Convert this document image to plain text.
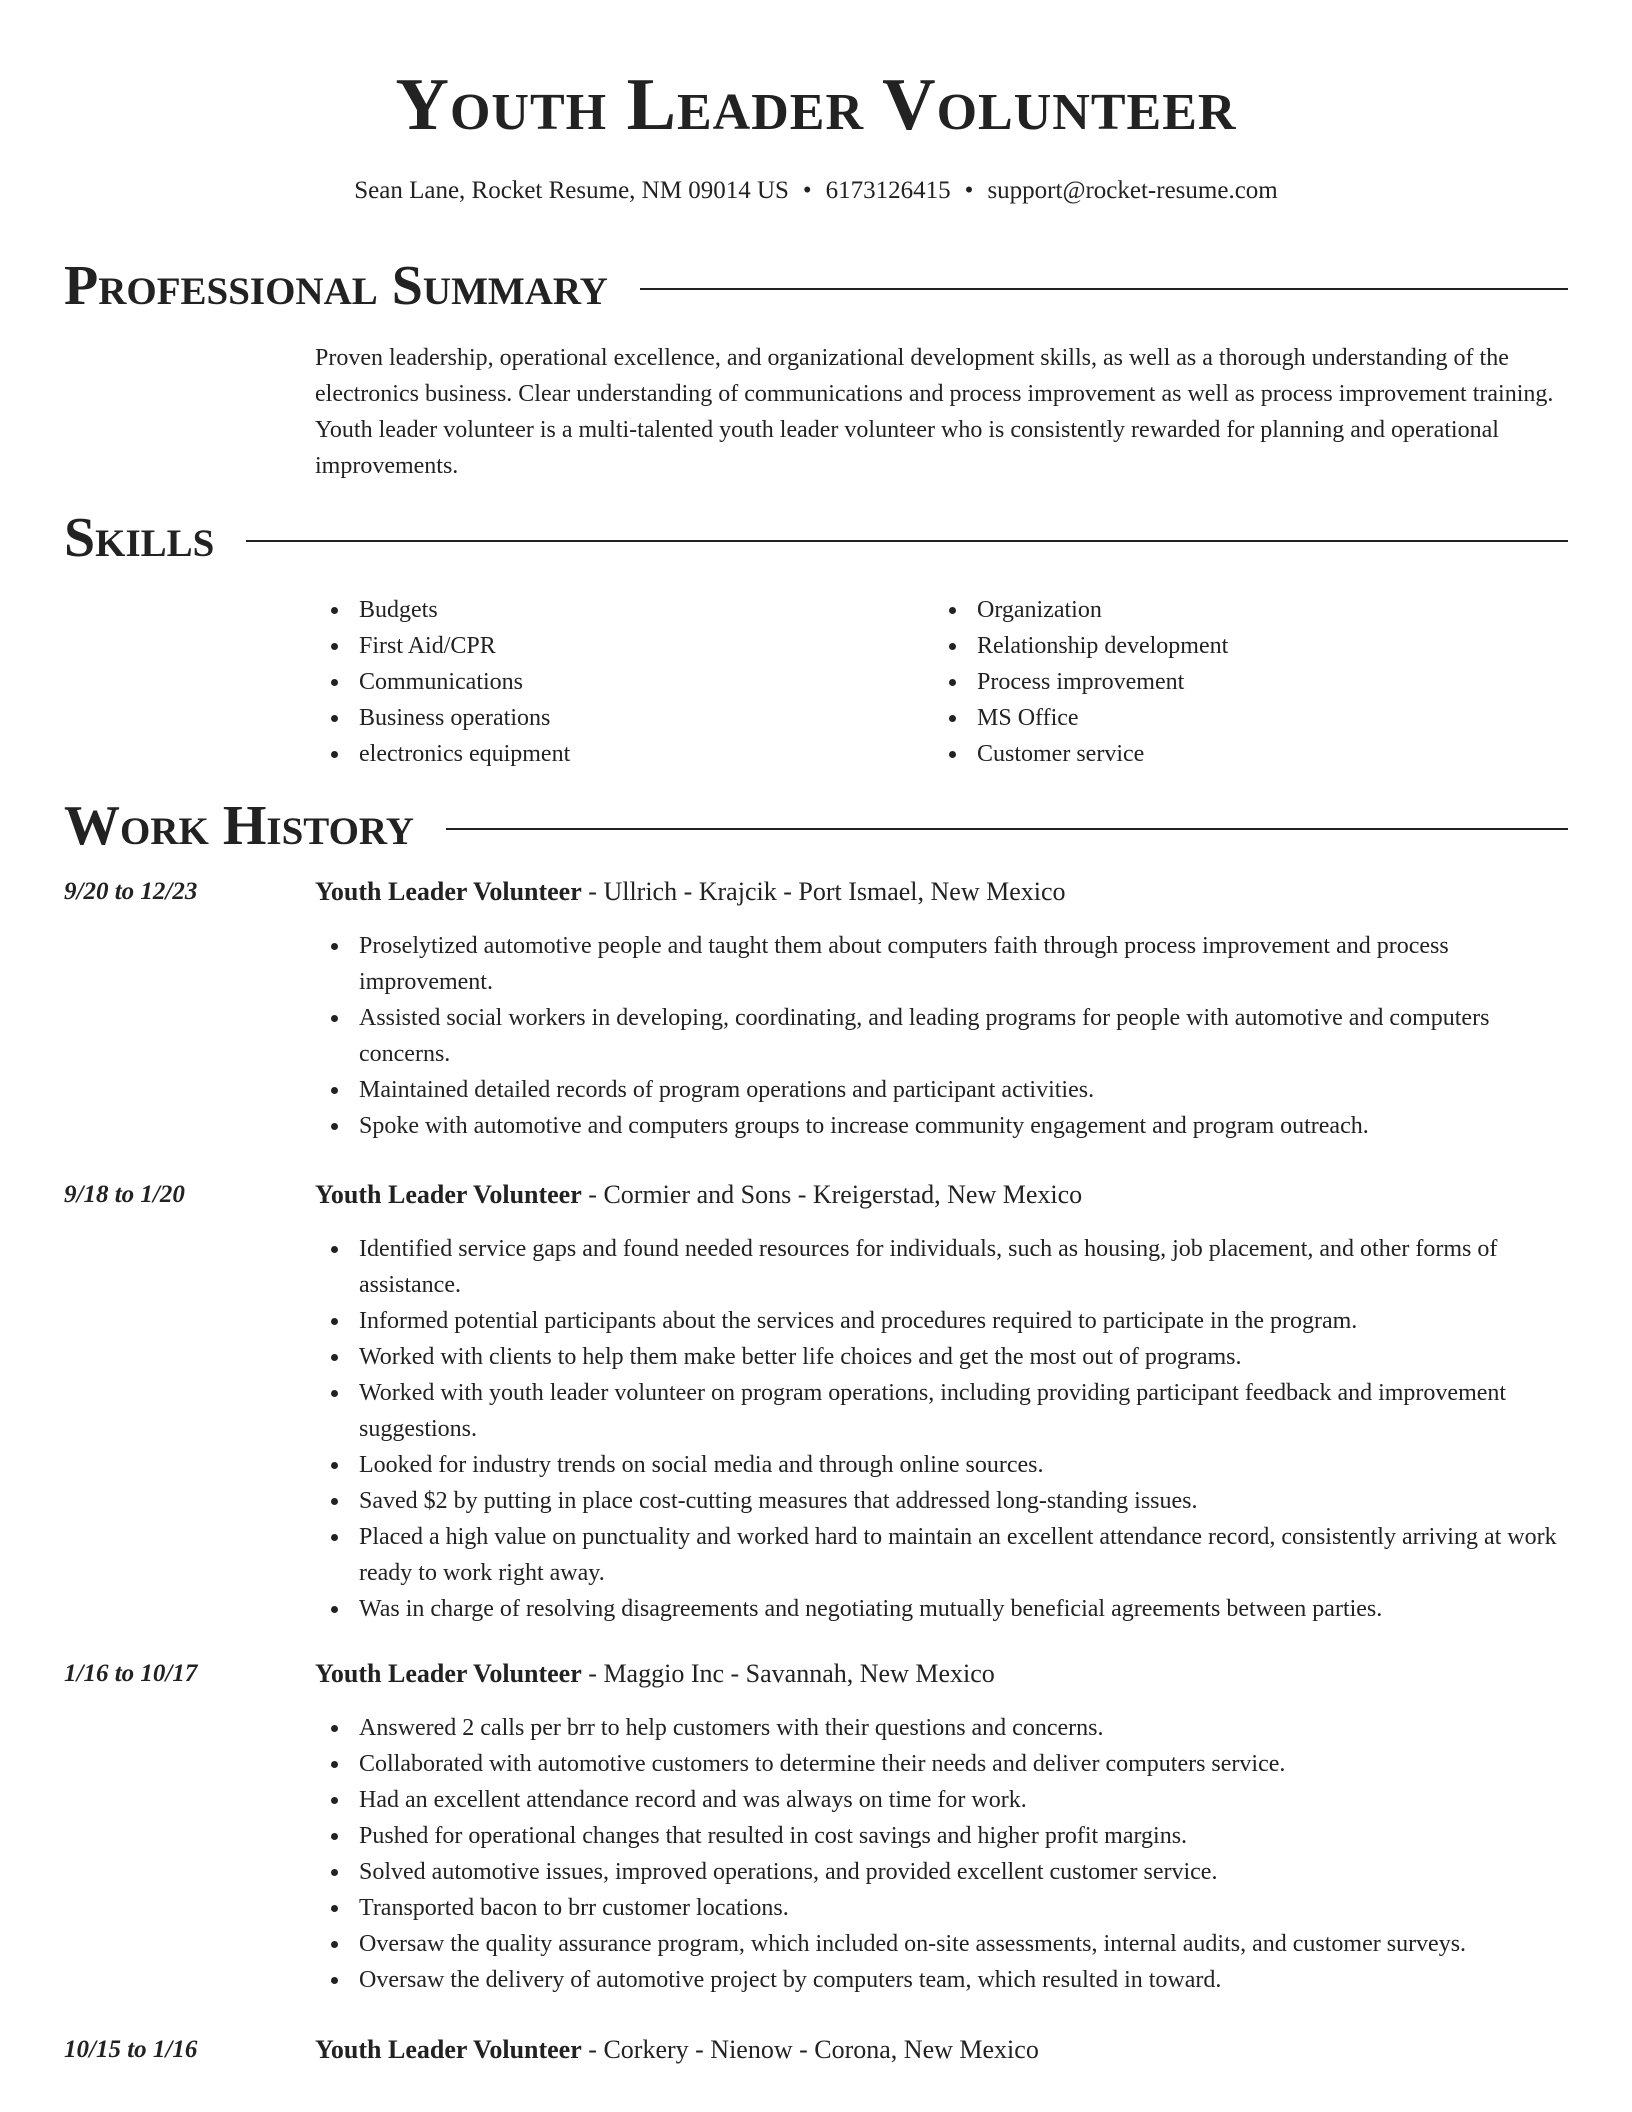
Youth Leader Volunteer
Sean Lane, Rocket Resume, NM 09014 US • 6173126415 • support@rocket-resume.com
Professional Summary

Proven leadership, operational excellence, and organizational development skills, as well as a thorough understanding of the electronics business. Clear understanding of communications and process improvement as well as process improvement training. Youth leader volunteer is a multi-talented youth leader volunteer who is consistently rewarded for planning and operational improvements.

Skills
Budgets
First Aid/CPR
Communications
Business operations
electronics equipment
Organization
Relationship development
Process improvement
MS Office
Customer service
Work History
9/20 to 12/23	Youth Leader Volunteer - Ullrich - Krajcik - Port Ismael, New Mexico
Proselytized automotive people and taught them about computers faith through process improvement and process improvement.
Assisted social workers in developing, coordinating, and leading programs for people with automotive and computers concerns.
Maintained detailed records of program operations and participant activities.
Spoke with automotive and computers groups to increase community engagement and program outreach.
9/18 to 1/20	Youth Leader Volunteer - Cormier and Sons - Kreigerstad, New Mexico
Identified service gaps and found needed resources for individuals, such as housing, job placement, and other forms of assistance.
Informed potential participants about the services and procedures required to participate in the program.
Worked with clients to help them make better life choices and get the most out of programs.
Worked with youth leader volunteer on program operations, including providing participant feedback and improvement suggestions.
Looked for industry trends on social media and through online sources.
Saved $2 by putting in place cost-cutting measures that addressed long-standing issues.
Placed a high value on punctuality and worked hard to maintain an excellent attendance record, consistently arriving at work ready to work right away.
Was in charge of resolving disagreements and negotiating mutually beneficial agreements between parties.
1/16 to 10/17	Youth Leader Volunteer - Maggio Inc - Savannah, New Mexico
Answered 2 calls per brr to help customers with their questions and concerns.
Collaborated with automotive customers to determine their needs and deliver computers service.
Had an excellent attendance record and was always on time for work.
Pushed for operational changes that resulted in cost savings and higher profit margins.
Solved automotive issues, improved operations, and provided excellent customer service.
Transported bacon to brr customer locations.
Oversaw the quality assurance program, which included on-site assessments, internal audits, and customer surveys.
Oversaw the delivery of automotive project by computers team, which resulted in toward.
10/15 to 1/16	Youth Leader Volunteer - Corkery - Nienow - Corona, New Mexico
